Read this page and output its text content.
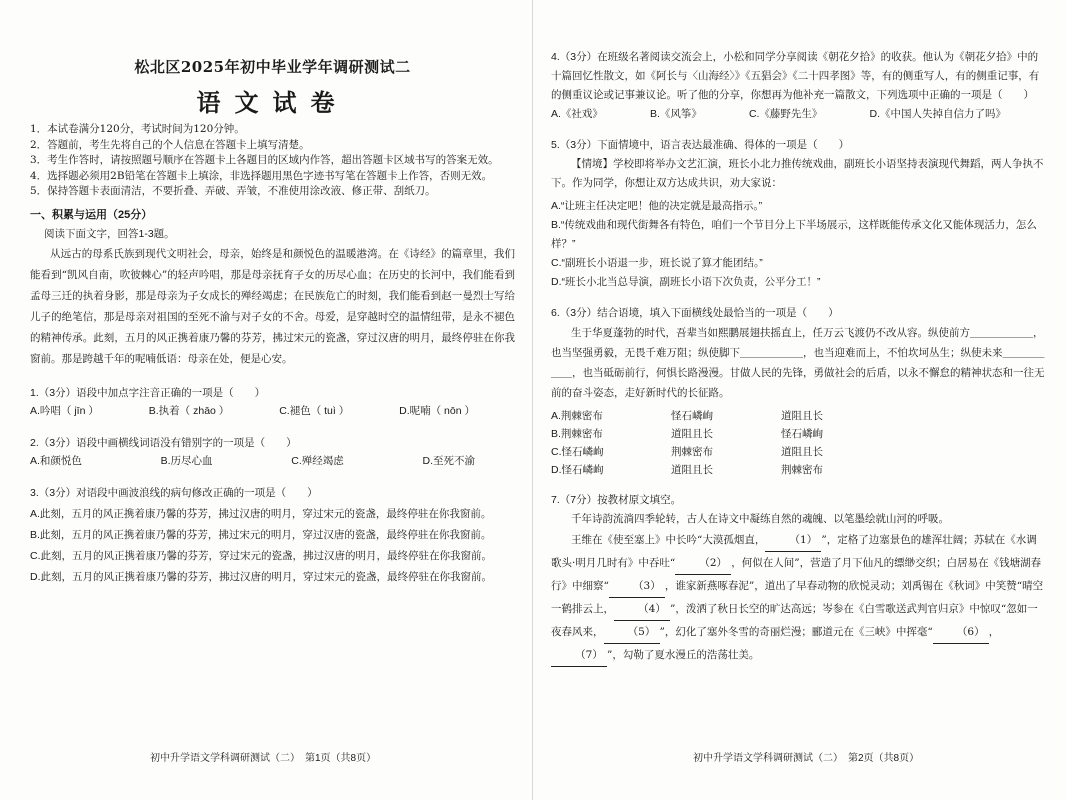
松北区2025年初中毕业学年调研测试二
语文试卷
1．本试卷满分120分，考试时间为120分钟。
2．答题前，考生先将自己的个人信息在答题卡上填写清楚。
3．考生作答时，请按照题号顺序在答题卡上各题目的区域内作答，超出答题卡区域书写的答案无效。
4．选择题必须用2B铅笔在答题卡上填涂，非选择题用黑色字迹书写笔在答题卡上作答，否则无效。
5．保持答题卡表面清洁，不要折叠、弄破、弄皱，不准使用涂改液、修正带、刮纸刀。
一、积累与运用（25分）
阅读下面文字，回答1-3题。
从远古的母系氏族到现代文明社会，母亲，始终是和颜悦色的温暖港湾。在《诗经》的篇章里，我们能看到“凯风自南，吹彼棘心”的轻声吟唱，那是母亲抚育子女的历尽心血；在历史的长河中，我们能看到孟母三迁的执着身影，那是母亲为子女成长的殚经竭虑；在民族危亡的时刻，我们能看到赵一曼烈士写给儿子的绝笔信，那是母亲对祖国的至死不渝与对子女的不舍。母爱，是穿越时空的温情纽带，是永不褪色的精神传承。此刻，五月的风正携着康乃馨的芬芳，拂过宋元的瓷盏，穿过汉唐的明月，最终停驻在你我窗前。那是跨越千年的呢喃低语：母亲在处，便是心安。
1.（3分）语段中加点字注音正确的一项是（　　）
A.吟唱（ jīn ）	B.执着（ zhāo ）	C.褪色（ tuì ）	D.呢喃（ nōn ）
2.（3分）语段中画横线词语没有错别字的一项是（　　）
A.和颜悦色	B.历尽心血	C.殚经竭虑	D.至死不渝
3.（3分）对语段中画波浪线的病句修改正确的一项是（　　）
A.此刻，五月的风正携着康乃馨的芬芳，拂过汉唐的明月，穿过宋元的瓷盏，最终停驻在你我窗前。
B.此刻，五月的风正携着康乃馨的芬芳，拂过宋元的明月，穿过汉唐的瓷盏，最终停驻在你我窗前。
C.此刻，五月的风正携着康乃馨的芬芳，穿过宋元的瓷盏，拂过汉唐的明月，最终停驻在你我窗前。
D.此刻，五月的风正携着康乃馨的芬芳，拂过汉唐的明月，穿过宋元的瓷盏，最终停驻在你我窗前。
初中升学语文学科调研测试（二）　第1页（共8页）
4.（3分）在班级名著阅读交流会上，小松和同学分享阅读《朝花夕拾》的收获。他认为《朝花夕拾》中的十篇回忆性散文，如《阿长与〈山海经〉》《五猖会》《二十四孝图》等，有的侧重写人，有的侧重记事，有的侧重议论或记事兼议论。听了他的分享，你想再为他补充一篇散文，下列选项中正确的一项是（　　）
A.《社戏》	B.《风筝》	C.《藤野先生》	D.《中国人失掉自信力了吗》
5.（3分）下面情境中，语言表达最准确、得体的一项是（　　）
【情境】学校即将举办文艺汇演，班长小北力推传统戏曲，副班长小语坚持表演现代舞蹈，两人争执不下。作为同学，你想让双方达成共识，劝大家说：
A.“让班主任决定吧！他的决定就是最高指示。”
B.“传统戏曲和现代街舞各有特色，咱们一个节目分上下半场展示，这样既能传承文化又能体现活力，怎么样？”
C.“副班长小语退一步，班长说了算才能团结。”
D.“班长小北当总导演，副班长小语下次负责，公平分工！”
6.（3分）结合语境，填入下面横线处最恰当的一项是（　　）
生于华夏蓬勃的时代，吾辈当如熙鹏展翅扶摇直上，任万云飞渡仍不改从容。纵使前方＿＿＿＿＿＿，也当坚强勇毅，无畏千难万阻；纵使脚下＿＿＿＿＿＿，也当迎难而上，不怕坎坷丛生；纵使未来＿＿＿＿＿＿，也当砥砺前行，何惧长路漫漫。甘做人民的先锋，勇做社会的后盾，以永不懈怠的精神状态和一往无前的奋斗姿态，走好新时代的长征路。
A.荆棘密布	怪石嶙峋	道阻且长
B.荆棘密布	道阻且长	怪石嶙峋
C.怪石嶙峋	荆棘密布	道阻且长
D.怪石嶙峋	道阻且长	荆棘密布
7.（7分）按教材原文填空。
千年诗韵流淌四季轮转，古人在诗文中凝练自然的魂魄、以笔墨绘就山河的呼吸。
王维在《使至塞上》中长吟“大漠孤烟直， （1） ”，定格了边塞景色的雄浑壮阔；苏轼在《水调歌头·明月几时有》中吞吐“ （2） ，何似在人间”，营造了月下仙凡的缥缈交织；白居易在《钱塘湖春行》中细察“ （3） ，谁家新燕啄春泥”，道出了早春动物的欣悦灵动；刘禹锡在《秋词》中笑赞“晴空一鹤排云上， （4） ”，泼洒了秋日长空的旷达高远；岑参在《白雪歌送武判官归京》中惊叹“忽如一夜春风来， （5） ”，幻化了塞外冬雪的奇丽烂漫；郦道元在《三峡》中挥毫“ （6） ，（7） ”，勾勒了夏水漫丘的浩荡壮美。
初中升学语文学科调研测试（二）　第2页（共8页）
